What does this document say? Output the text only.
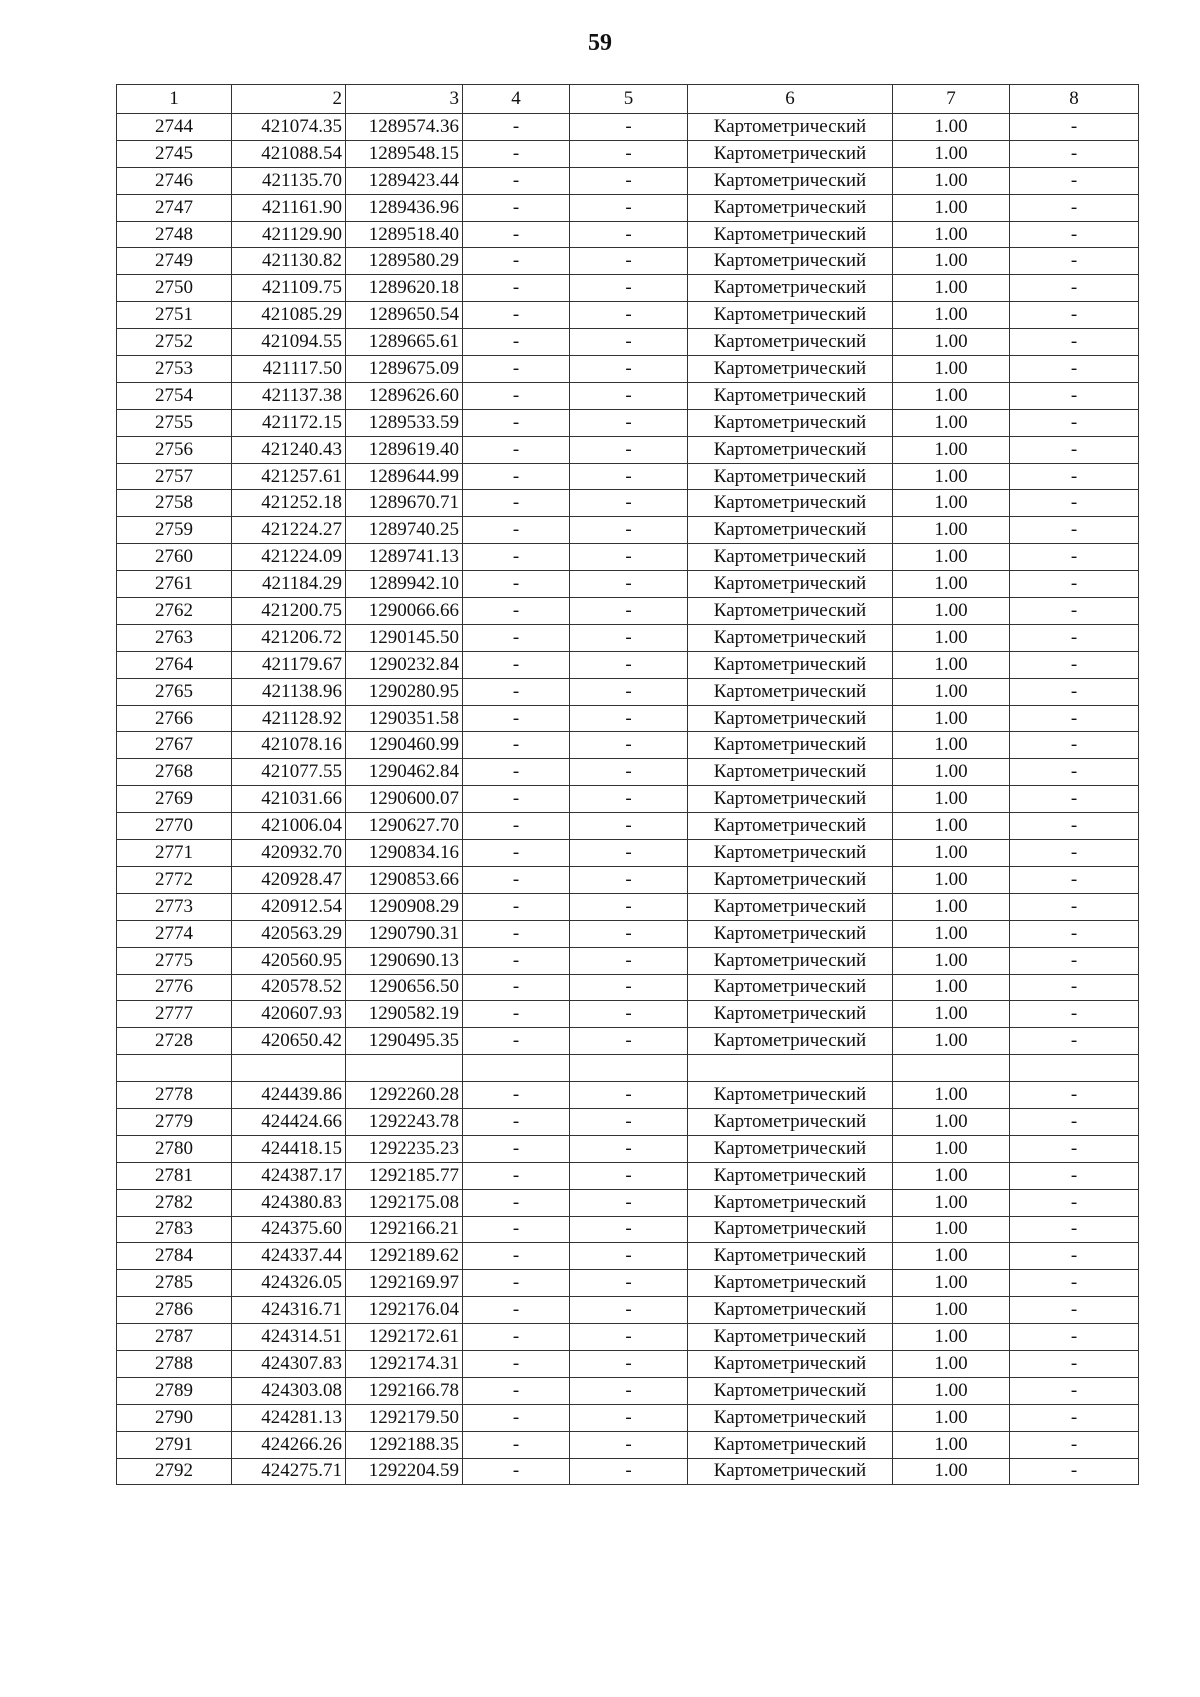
59
1	2	3	4	5	6	7	8
2744	421074.35	1289574.36	-	-	Картометрический	1.00	-
2745	421088.54	1289548.15	-	-	Картометрический	1.00	-
2746	421135.70	1289423.44	-	-	Картометрический	1.00	-
2747	421161.90	1289436.96	-	-	Картометрический	1.00	-
2748	421129.90	1289518.40	-	-	Картометрический	1.00	-
2749	421130.82	1289580.29	-	-	Картометрический	1.00	-
2750	421109.75	1289620.18	-	-	Картометрический	1.00	-
2751	421085.29	1289650.54	-	-	Картометрический	1.00	-
2752	421094.55	1289665.61	-	-	Картометрический	1.00	-
2753	421117.50	1289675.09	-	-	Картометрический	1.00	-
2754	421137.38	1289626.60	-	-	Картометрический	1.00	-
2755	421172.15	1289533.59	-	-	Картометрический	1.00	-
2756	421240.43	1289619.40	-	-	Картометрический	1.00	-
2757	421257.61	1289644.99	-	-	Картометрический	1.00	-
2758	421252.18	1289670.71	-	-	Картометрический	1.00	-
2759	421224.27	1289740.25	-	-	Картометрический	1.00	-
2760	421224.09	1289741.13	-	-	Картометрический	1.00	-
2761	421184.29	1289942.10	-	-	Картометрический	1.00	-
2762	421200.75	1290066.66	-	-	Картометрический	1.00	-
2763	421206.72	1290145.50	-	-	Картометрический	1.00	-
2764	421179.67	1290232.84	-	-	Картометрический	1.00	-
2765	421138.96	1290280.95	-	-	Картометрический	1.00	-
2766	421128.92	1290351.58	-	-	Картометрический	1.00	-
2767	421078.16	1290460.99	-	-	Картометрический	1.00	-
2768	421077.55	1290462.84	-	-	Картометрический	1.00	-
2769	421031.66	1290600.07	-	-	Картометрический	1.00	-
2770	421006.04	1290627.70	-	-	Картометрический	1.00	-
2771	420932.70	1290834.16	-	-	Картометрический	1.00	-
2772	420928.47	1290853.66	-	-	Картометрический	1.00	-
2773	420912.54	1290908.29	-	-	Картометрический	1.00	-
2774	420563.29	1290790.31	-	-	Картометрический	1.00	-
2775	420560.95	1290690.13	-	-	Картометрический	1.00	-
2776	420578.52	1290656.50	-	-	Картометрический	1.00	-
2777	420607.93	1290582.19	-	-	Картометрический	1.00	-
2728	420650.42	1290495.35	-	-	Картометрический	1.00	-

2778	424439.86	1292260.28	-	-	Картометрический	1.00	-
2779	424424.66	1292243.78	-	-	Картометрический	1.00	-
2780	424418.15	1292235.23	-	-	Картометрический	1.00	-
2781	424387.17	1292185.77	-	-	Картометрический	1.00	-
2782	424380.83	1292175.08	-	-	Картометрический	1.00	-
2783	424375.60	1292166.21	-	-	Картометрический	1.00	-
2784	424337.44	1292189.62	-	-	Картометрический	1.00	-
2785	424326.05	1292169.97	-	-	Картометрический	1.00	-
2786	424316.71	1292176.04	-	-	Картометрический	1.00	-
2787	424314.51	1292172.61	-	-	Картометрический	1.00	-
2788	424307.83	1292174.31	-	-	Картометрический	1.00	-
2789	424303.08	1292166.78	-	-	Картометрический	1.00	-
2790	424281.13	1292179.50	-	-	Картометрический	1.00	-
2791	424266.26	1292188.35	-	-	Картометрический	1.00	-
2792	424275.71	1292204.59	-	-	Картометрический	1.00	-
